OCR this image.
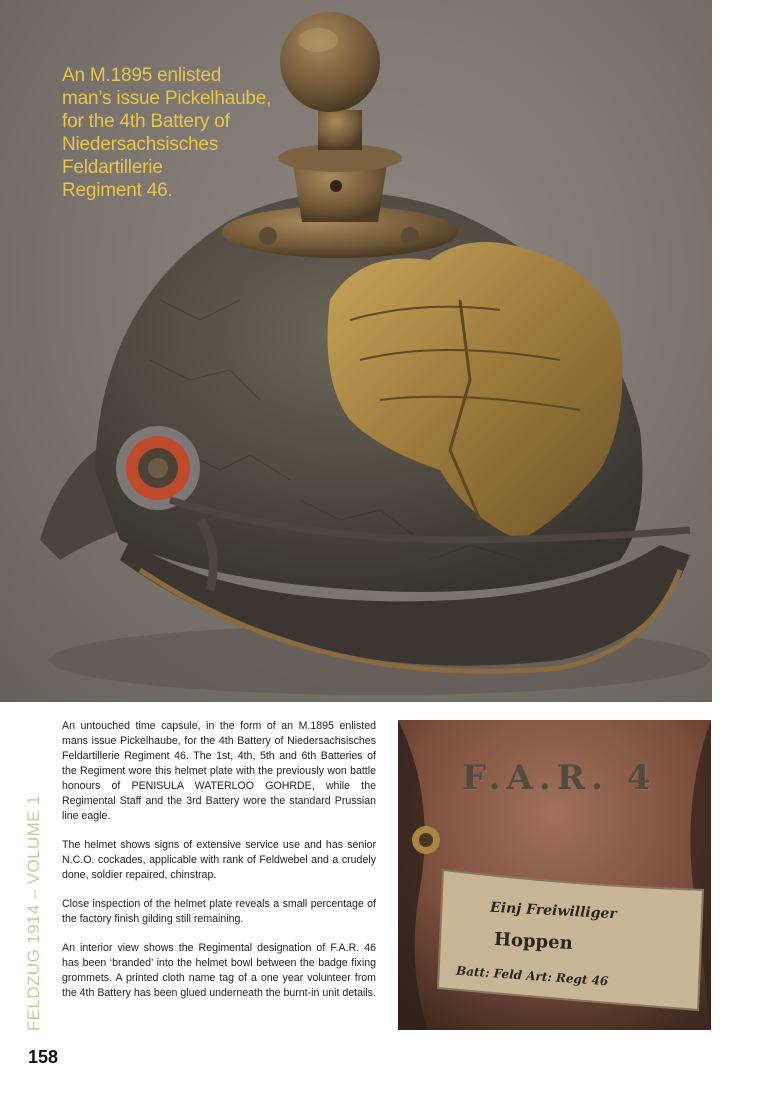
An M.1895 enlisted
man’s issue Pickelhaube,
for the 4th Battery of
Niedersachsisches
Feldartillerie
Regiment 46.

An untouched time capsule, in the form of an M.1895 enlisted mans issue Pickelhaube, for the 4th Battery of Niedersachsisches Feldartillerie Regiment 46. The 1st, 4th, 5th and 6th Batteries of the Regiment wore this helmet plate with the previously won battle honours of PENISULA WATERLOO GOHRDE, while the Regimental Staff and the 3rd Battery wore the standard Prussian line eagle.

The helmet shows signs of extensive service use and has senior N.C.O. cockades, applicable with rank of Feldwebel and a crudely done, soldier repaired, chinstrap.

Close inspection of the helmet plate reveals a small percentage of the factory finish gilding still remaining.

An interior view shows the Regimental designation of F.A.R. 46 has been ‘branded’ into the helmet bowl between the badge fixing grommets. A printed cloth name tag of a one year volunteer from the 4th Battery has been glued underneath the burnt-in unit details.

FELDZUG 1914 – VOLUME 1
158
F.A.R. 4
Einj Freiwilliger
Hoppen
Batt: Feld Art: Regt 46
